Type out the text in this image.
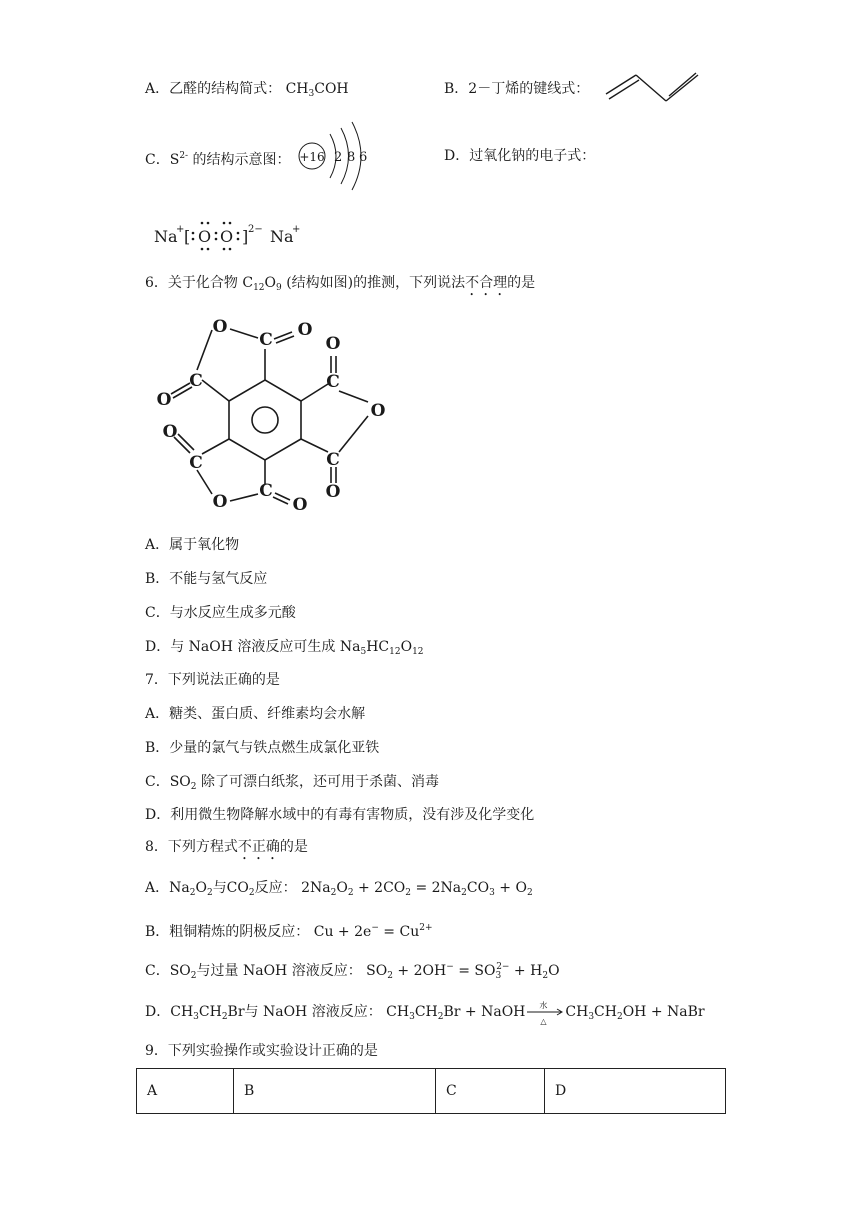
A．乙醛的结构简式： $CH_3COH$	B．2－丁烯的键线式：
C．$S^{2-}$ 的结构示意图： +16 2 8 6	D．过氧化钠的电子式：
Na
+ [ O O ] 2− Na
+
6．关于化合物 $C_{12}O_9$ (结构如图)的推测，下列说法不合理的是
O
C O
C
O
O
C
O
C
O
O
C
O
C
O
A．属于氧化物
B．不能与氢气反应
C．与水反应生成多元酸
D．与 NaOH 溶液反应可生成 $Na_5HC_{12}O_{12}$
7．下列说法正确的是
A．糖类、蛋白质、纤维素均会水解
B．少量的氯气与铁点燃生成氯化亚铁
C．$SO_2$ 除了可漂白纸浆，还可用于杀菌、消毒
D．利用微生物降解水域中的有毒有害物质，没有涉及化学变化
8．下列方程式不正确的是
A．$Na_2O_2$与$CO_2$反应： $2Na_2O_2 + 2CO_2 = 2Na_2CO_3 + O_2$
B．粗铜精炼的阴极反应： $Cu + 2e^- = Cu^{2+}$
C．$SO_2$与过量 NaOH 溶液反应： $SO_2 + 2OH^- = SO_3^{2-} + H_2O$
D．$CH_3CH_2Br$与 NaOH 溶液反应： $CH_3CH_2Br$ + NaOH 水
△
$CH_3CH_2OH$ + NaBr
9．下列实验操作或实验设计正确的是
A	B	C	D
